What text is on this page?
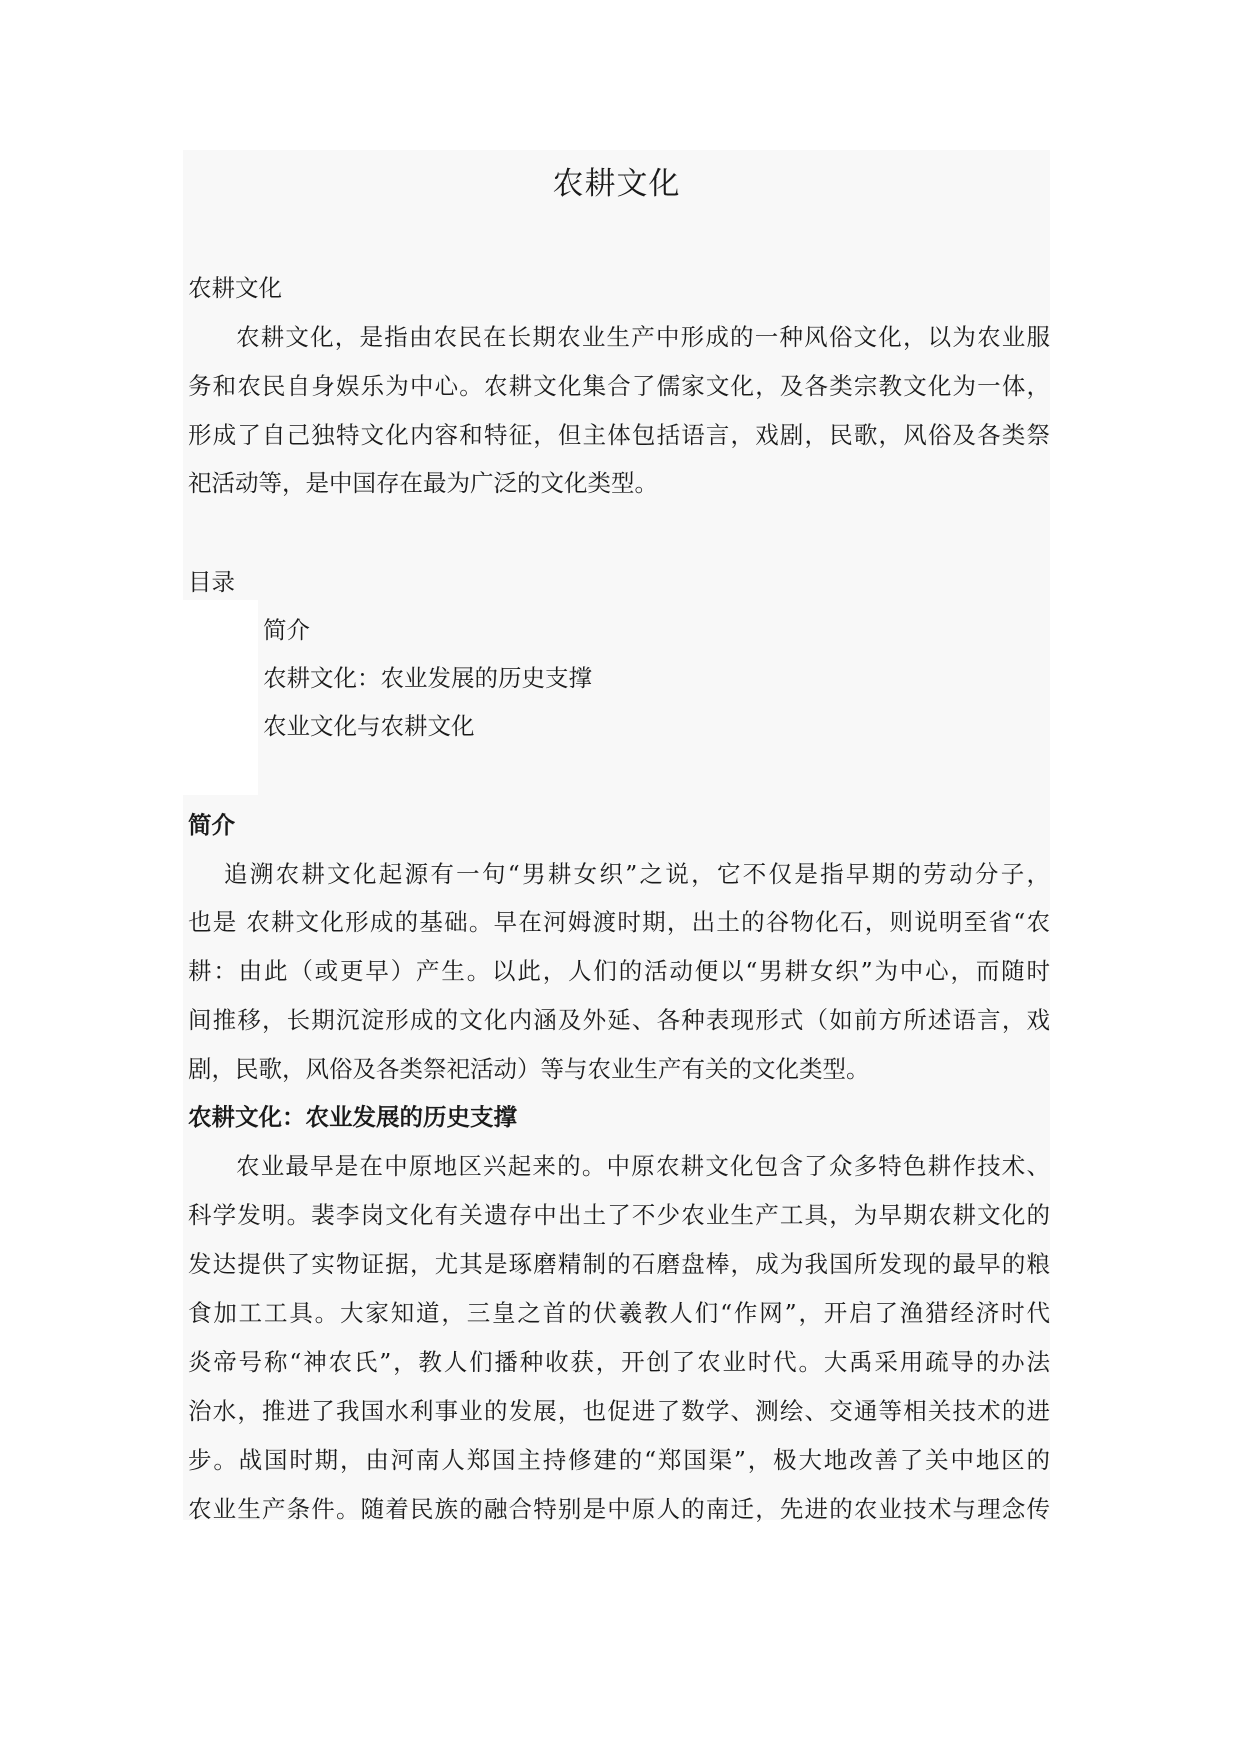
农耕文化
农耕文化
农耕文化，是指由农民在长期农业生产中形成的一种风俗文化，以为农业服
务和农民自身娱乐为中心。农耕文化集合了儒家文化，及各类宗教文化为一体，
形成了自己独特文化内容和特征，但主体包括语言，戏剧，民歌，风俗及各类祭
祀活动等，是中国存在最为广泛的文化类型。
目录
简介
农耕文化：农业发展的历史支撑
农业文化与农耕文化
简介
追溯农耕文化起源有一句“男耕女织”之说，它不仅是指早期的劳动分子，
也是 农耕文化形成的基础。早在河姆渡时期，出土的谷物化石，则说明至省“农
耕：由此（或更早）产生。以此，人们的活动便以“男耕女织”为中心，而随时
间推移，长期沉淀形成的文化内涵及外延、各种表现形式（如前方所述语言，戏
剧，民歌，风俗及各类祭祀活动）等与农业生产有关的文化类型。
农耕文化：农业发展的历史支撑
农业最早是在中原地区兴起来的。中原农耕文化包含了众多特色耕作技术、
科学发明。裴李岗文化有关遗存中出土了不少农业生产工具，为早期农耕文化的
发达提供了实物证据，尤其是琢磨精制的石磨盘棒，成为我国所发现的最早的粮
食加工工具。大家知道，三皇之首的伏羲教人们“作网”，开启了渔猎经济时代
炎帝号称“神农氏”，教人们播种收获，开创了农业时代。大禹采用疏导的办法
治水，推进了我国水利事业的发展，也促进了数学、测绘、交通等相关技术的进
步。战国时期，由河南人郑国主持修建的“郑国渠”，极大地改善了关中地区的
农业生产条件。随着民族的融合特别是中原人的南迁，先进的农业技术与理念传
